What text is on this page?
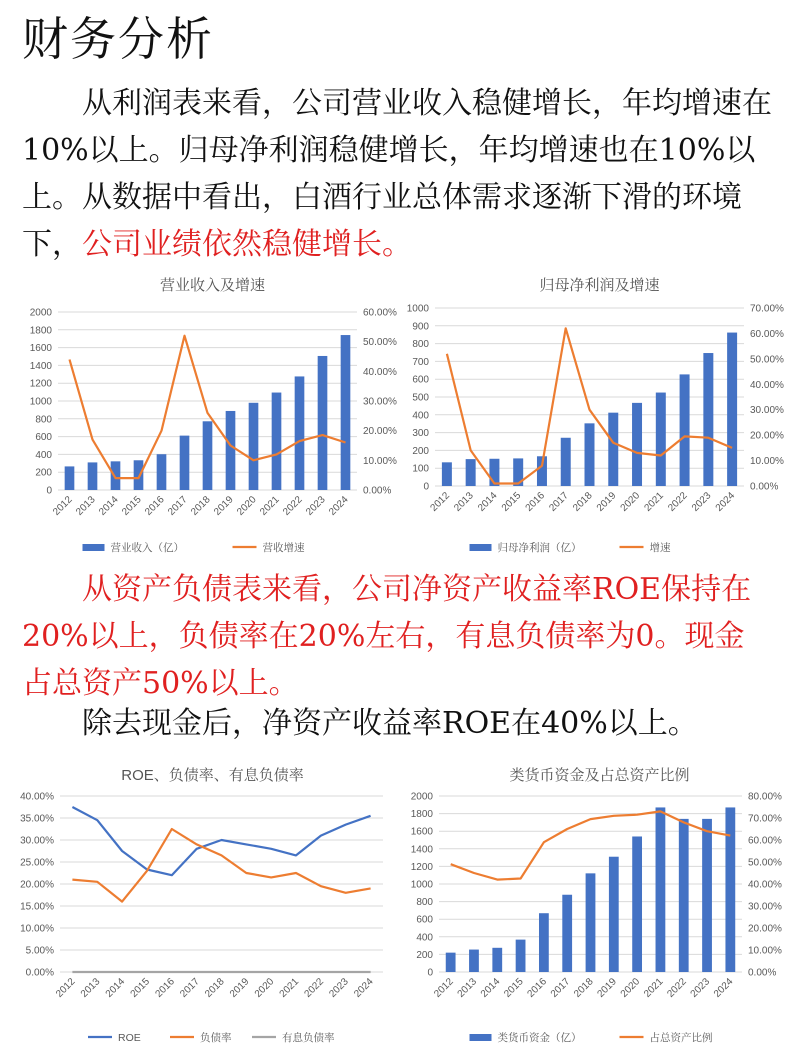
财务分析
从利润表来看，公司营业收入稳健增长，年均增速在10%以上。归母净利润稳健增长，年均增速也在10%以上。从数据中看出，白酒行业总体需求逐渐下滑的环境下，公司业绩依然稳健增长。
营业收入及增速
0
200
400
600
800
1000
1200
1400
1600
1800
2000
0.00%
10.00%
20.00%
30.00%
40.00%
50.00%
60.00%
2012 2013 2014 2015 2016 2017 2018 2019 2020 2021 2022 2023 2024
营业收入（亿）	营收增速
归母净利润及增速
0
100
200
300
400
500
600
700
800
900
1000
0.00%
10.00%
20.00%
30.00%
40.00%
50.00%
60.00%
70.00%
2012 2013 2014 2015 2016 2017 2018 2019 2020 2021 2022 2023 2024
归母净利润（亿）	增速
从资产负债表来看，公司净资产收益率ROE保持在20%以上，负债率在20%左右，有息负债率为0。现金占总资产50%以上。
除去现金后，净资产收益率ROE在40%以上。
ROE、负债率、有息负债率
0.00%
5.00%
10.00%
15.00%
20.00%
25.00%
30.00%
35.00%
40.00%
2012 2013 2014 2015 2016 2017 2018 2019 2020 2021 2022 2023 2024
ROE	负债率	有息负债率
类货币资金及占总资产比例
0
200
400
600
800
1000
1200
1400
1600
1800
2000
0.00%
10.00%
20.00%
30.00%
40.00%
50.00%
60.00%
70.00%
80.00%
2012 2013 2014 2015 2016 2017 2018 2019 2020 2021 2022 2023 2024
类货币资金（亿）	占总资产比例
